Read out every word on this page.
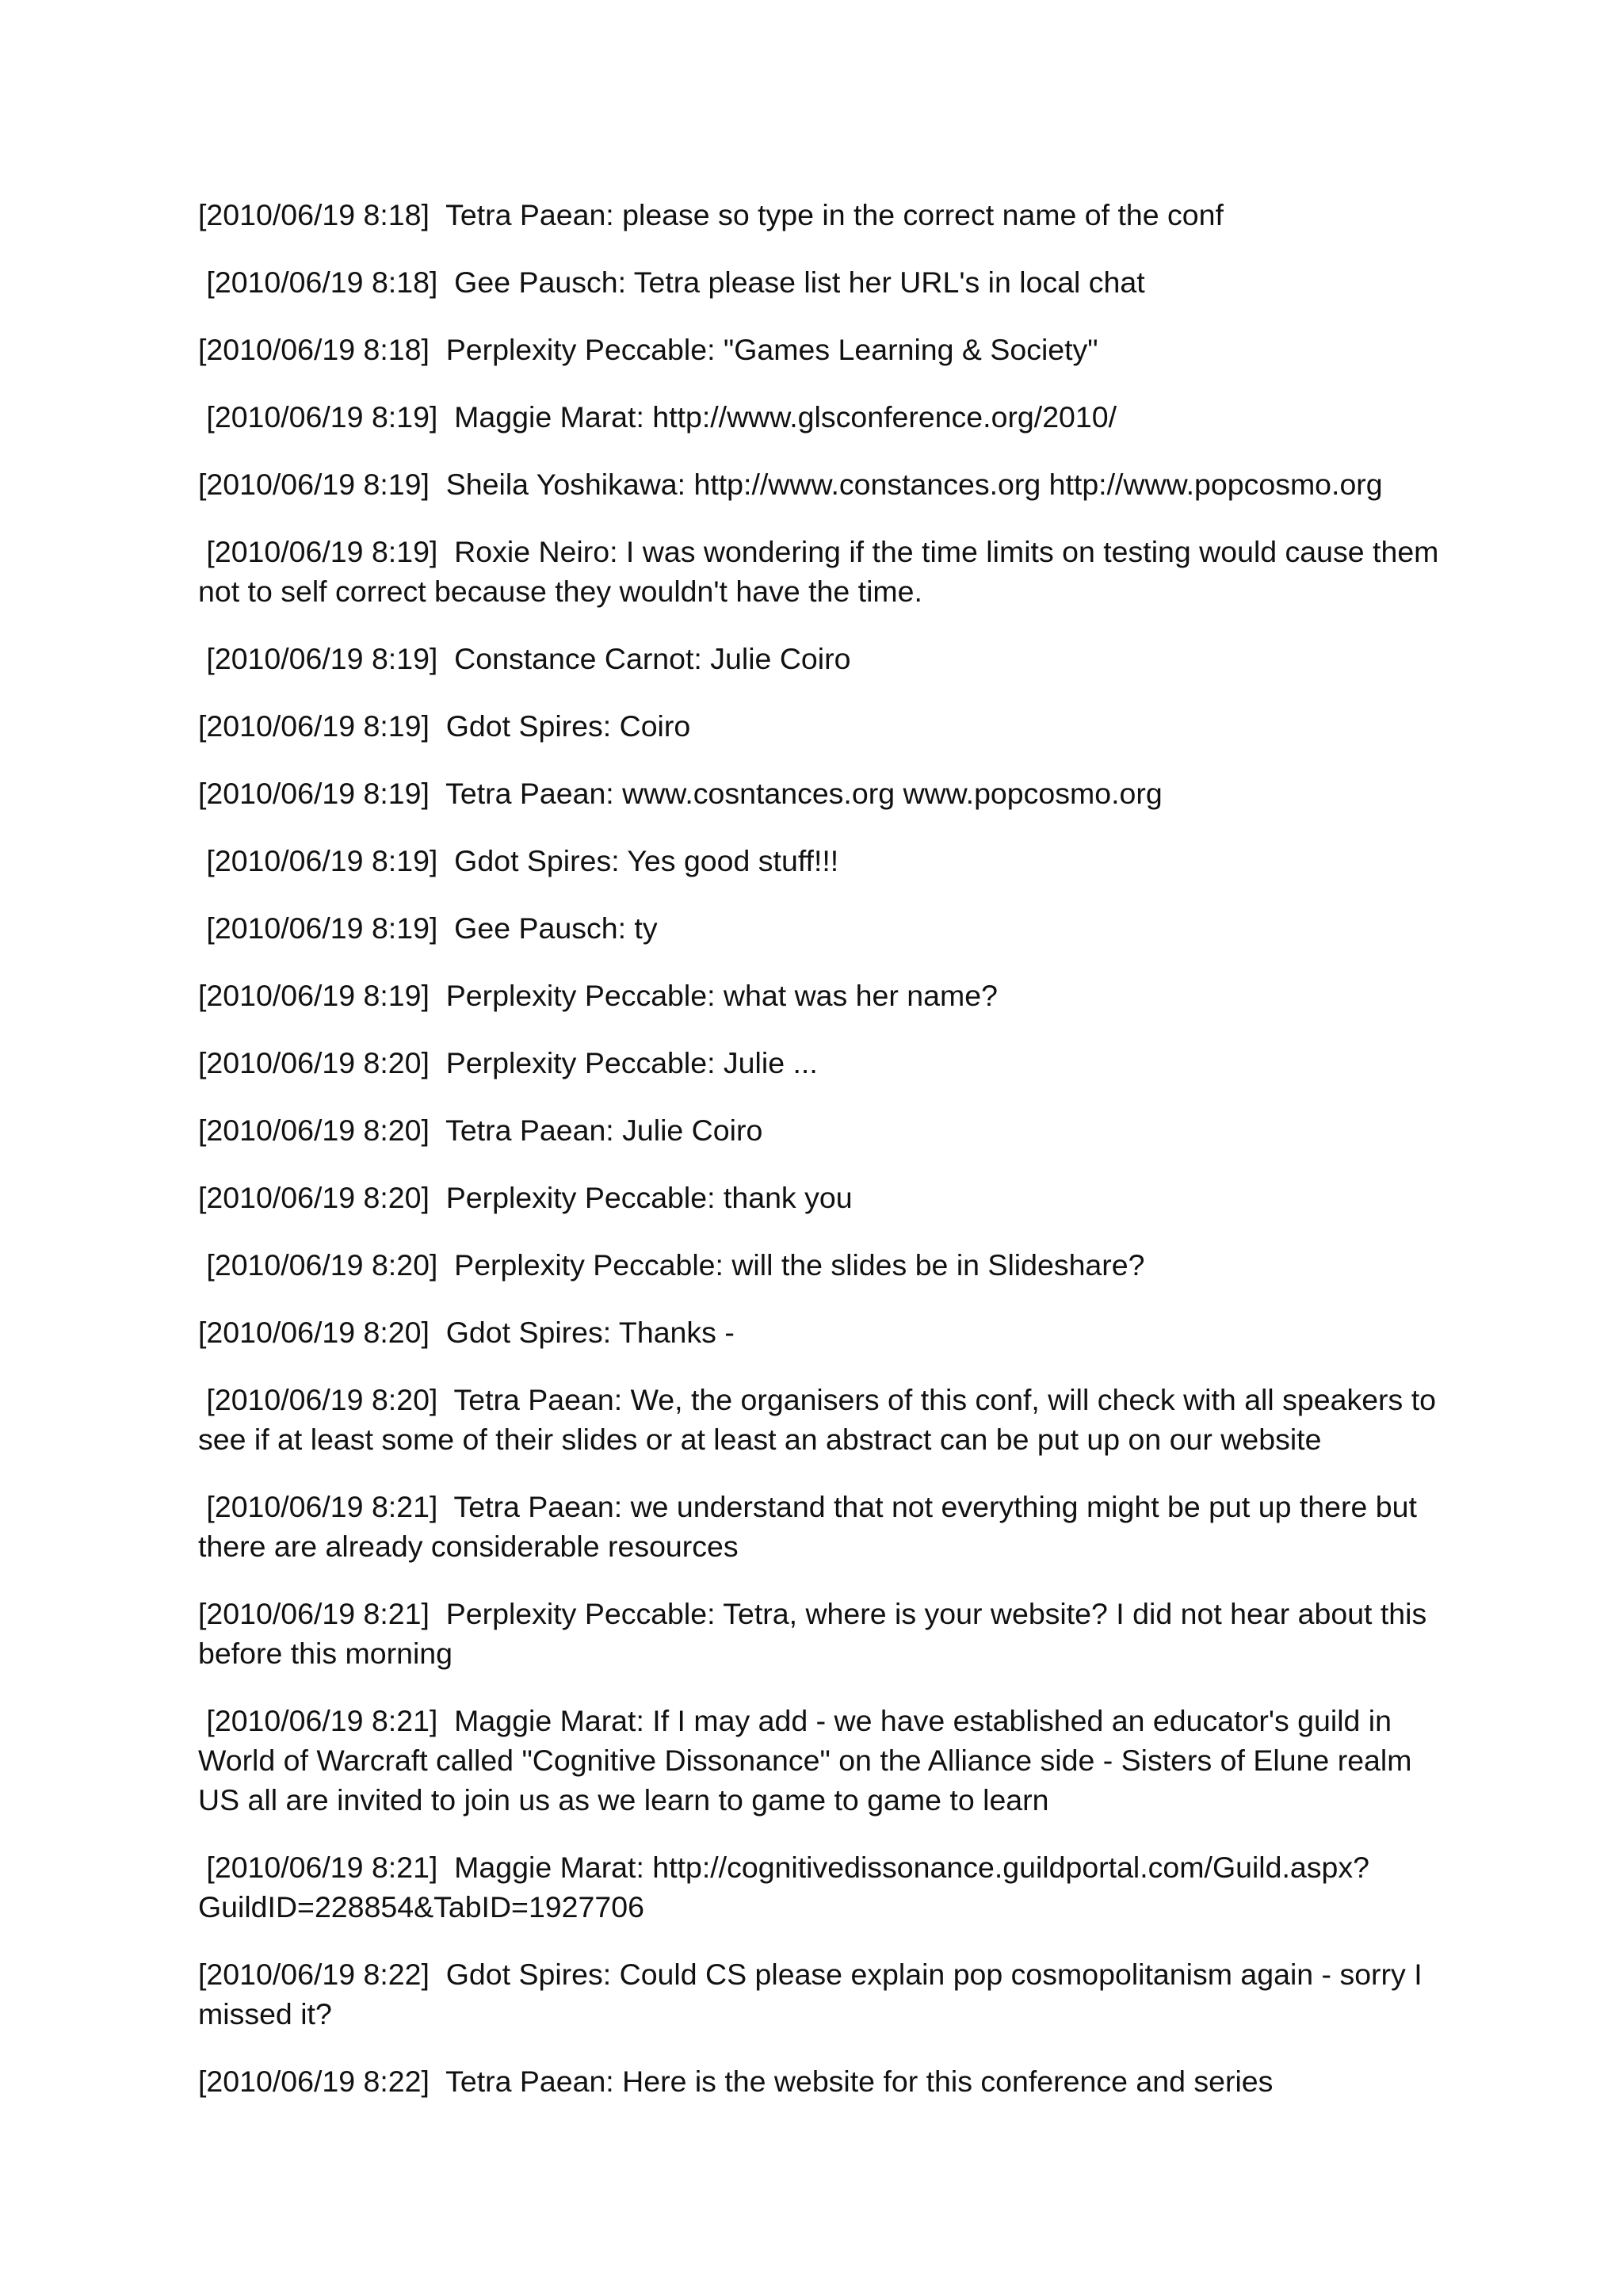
[2010/06/19 8:18]  Tetra Paean: please so type in the correct name of the conf

[2010/06/19 8:18]  Gee Pausch: Tetra please list her URL's in local chat

[2010/06/19 8:18]  Perplexity Peccable: "Games Learning & Society"

[2010/06/19 8:19]  Maggie Marat: http://www.glsconference.org/2010/

[2010/06/19 8:19]  Sheila Yoshikawa: http://www.constances.org http://www.popcosmo.org

[2010/06/19 8:19]  Roxie Neiro: I was wondering if the time limits on testing would cause them not to self correct because they wouldn't have the time.

[2010/06/19 8:19]  Constance Carnot: Julie Coiro

[2010/06/19 8:19]  Gdot Spires: Coiro

[2010/06/19 8:19]  Tetra Paean: www.cosntances.org www.popcosmo.org

[2010/06/19 8:19]  Gdot Spires: Yes good stuff!!!

[2010/06/19 8:19]  Gee Pausch: ty

[2010/06/19 8:19]  Perplexity Peccable: what was her name?

[2010/06/19 8:20]  Perplexity Peccable: Julie ...

[2010/06/19 8:20]  Tetra Paean: Julie Coiro

[2010/06/19 8:20]  Perplexity Peccable: thank you

[2010/06/19 8:20]  Perplexity Peccable: will the slides be in Slideshare?

[2010/06/19 8:20]  Gdot Spires: Thanks -

[2010/06/19 8:20]  Tetra Paean: We, the organisers of this conf, will check with all speakers to see if at least some of their slides or at least an abstract can be put up on our website

[2010/06/19 8:21]  Tetra Paean: we understand that not everything might be put up there but there are already considerable resources

[2010/06/19 8:21]  Perplexity Peccable: Tetra, where is your website? I did not hear about this before this morning

[2010/06/19 8:21]  Maggie Marat: If I may add - we have established an educator's guild in World of Warcraft called "Cognitive Dissonance" on the Alliance side - Sisters of Elune realm US all are invited to join us as we learn to game to game to learn

[2010/06/19 8:21]  Maggie Marat: http://cognitivedissonance.guildportal.com/Guild.aspx?GuildID=228854&TabID=1927706

[2010/06/19 8:22]  Gdot Spires: Could CS please explain pop cosmopolitanism again - sorry I missed it?

[2010/06/19 8:22]  Tetra Paean: Here is the website for this conference and series
